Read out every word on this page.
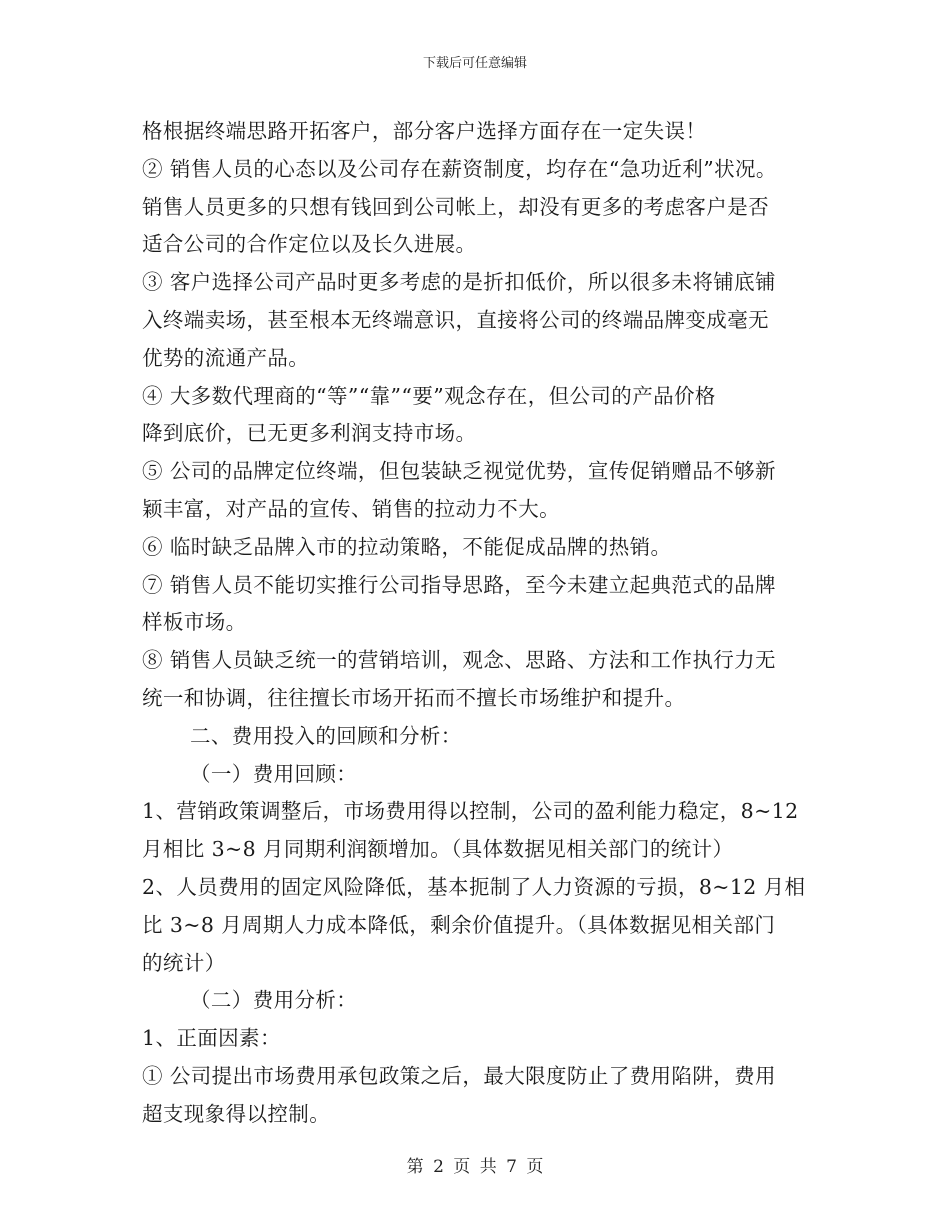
下载后可任意编辑
格根据终端思路开拓客户，部分客户选择方面存在一定失误！
② 销售人员的心态以及公司存在薪资制度，均存在“急功近利”状况。
销售人员更多的只想有钱回到公司帐上，却没有更多的考虑客户是否
适合公司的合作定位以及长久进展。
③ 客户选择公司产品时更多考虑的是折扣低价，所以很多未将铺底铺
入终端卖场，甚至根本无终端意识，直接将公司的终端品牌变成毫无
优势的流通产品。
④ 大多数代理商的“等”“靠”“要”观念存在，但公司的产品价格
降到底价，已无更多利润支持市场。
⑤ 公司的品牌定位终端，但包装缺乏视觉优势，宣传促销赠品不够新
颖丰富，对产品的宣传、销售的拉动力不大。
⑥ 临时缺乏品牌入市的拉动策略，不能促成品牌的热销。
⑦ 销售人员不能切实推行公司指导思路，至今未建立起典范式的品牌
样板市场。
⑧ 销售人员缺乏统一的营销培训，观念、思路、方法和工作执行力无
统一和协调，往往擅长市场开拓而不擅长市场维护和提升。
二、费用投入的回顾和分析：
（一）费用回顾：
1、营销政策调整后，市场费用得以控制，公司的盈利能力稳定，8~12
月相比 3~8 月同期利润额增加。（具体数据见相关部门的统计）
2、人员费用的固定风险降低，基本扼制了人力资源的亏损，8~12 月相
比 3~8 月周期人力成本降低，剩余价值提升。（具体数据见相关部门
的统计）
（二）费用分析：
1、正面因素：
① 公司提出市场费用承包政策之后，最大限度防止了费用陷阱，费用
超支现象得以控制。
第 2 页 共 7 页
